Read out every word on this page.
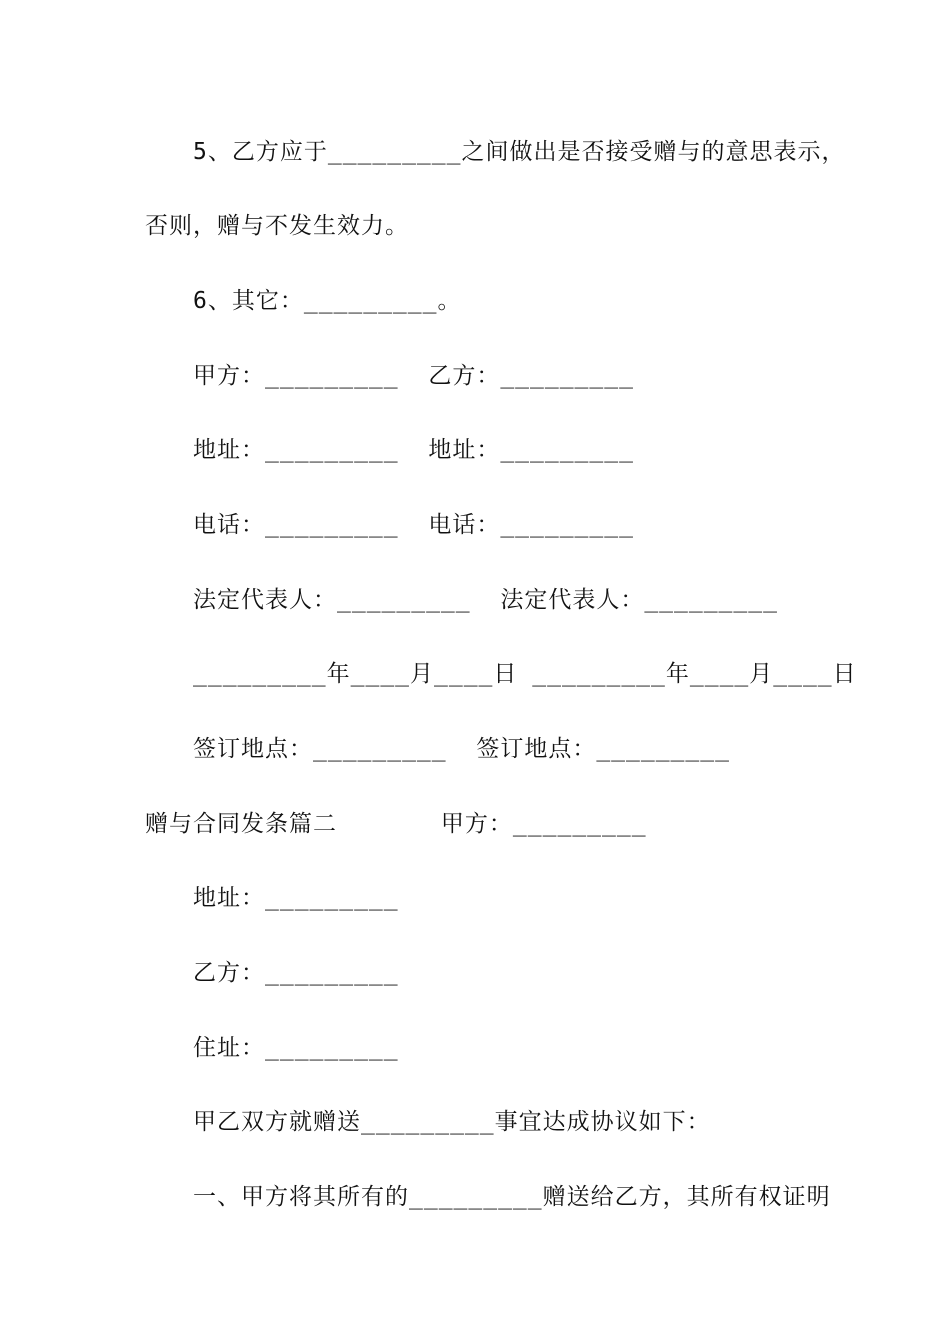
5、乙方应于_________之间做出是否接受赠与的意思表示，
否则，赠与不发生效力。
6、其它：_________。
甲方：_________  乙方：_________
地址：_________  地址：_________
电话：_________  电话：_________
法定代表人：_________  法定代表人：_________
_________年____月____日 _________年____月____日
签订地点：_________  签订地点：_________
赠与合同发条篇二       甲方：_________
地址：_________
乙方：_________
住址：_________
甲乙双方就赠送_________事宜达成协议如下：
一、甲方将其所有的_________赠送给乙方，其所有权证明
